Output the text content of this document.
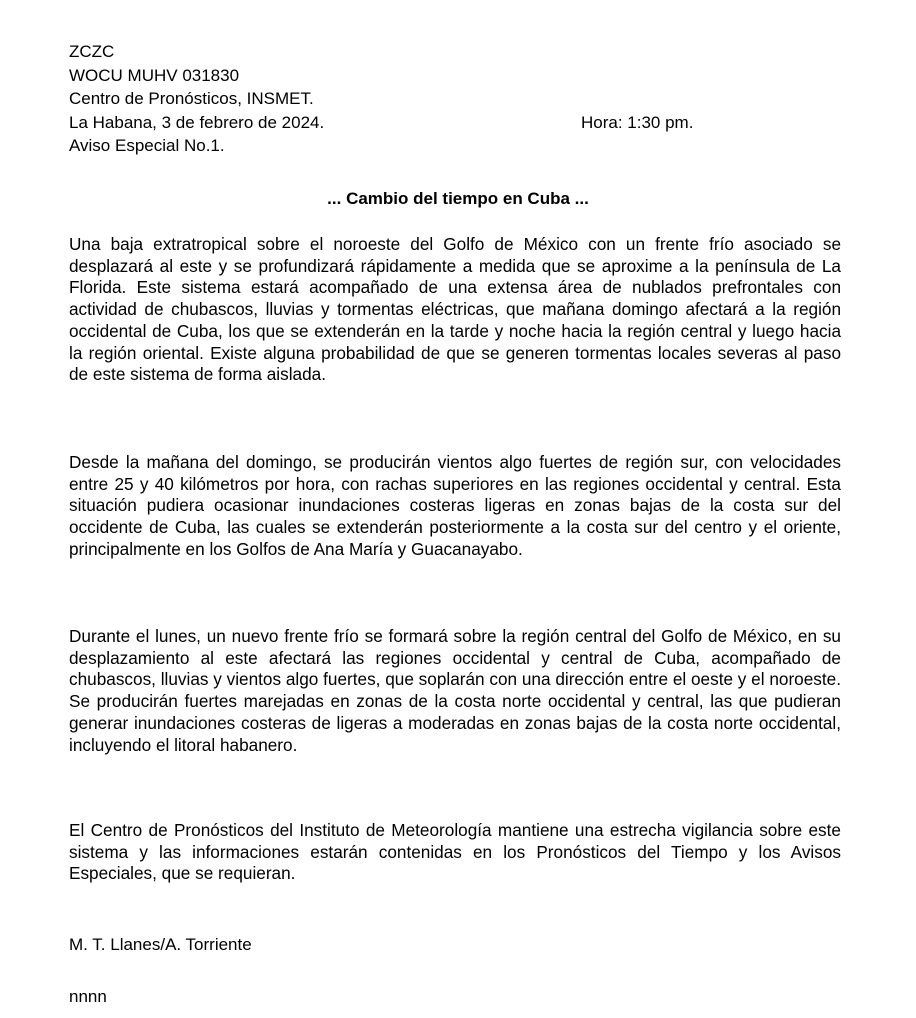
ZCZC
WOCU MUHV 031830
Centro de Pronósticos, INSMET.
La Habana, 3 de febrero de 2024.	Hora: 1:30 pm.
Aviso Especial No.1.
... Cambio del tiempo en Cuba ...

Una baja extratropical sobre el noroeste del Golfo de México con un frente frío asociado se desplazará al este y se profundizará rápidamente a medida que se aproxime a la península de La Florida. Este sistema estará acompañado de una extensa área de nublados prefrontales con actividad de chubascos, lluvias y tormentas eléctricas, que mañana domingo afectará a la región occidental de Cuba, los que se extenderán en la tarde y noche hacia la región central y luego hacia la región oriental. Existe alguna probabilidad de que se generen tormentas locales severas al paso de este sistema de forma aislada.

Desde la mañana del domingo, se producirán vientos algo fuertes de región sur, con velocidades entre 25 y 40 kilómetros por hora, con rachas superiores en las regiones occidental y central. Esta situación pudiera ocasionar inundaciones costeras ligeras en zonas bajas de la costa sur del occidente de Cuba, las cuales se extenderán posteriormente a la costa sur del centro y el oriente, principalmente en los Golfos de Ana María y Guacanayabo.

Durante el lunes, un nuevo frente frío se formará sobre la región central del Golfo de México, en su desplazamiento al este afectará las regiones occidental y central de Cuba, acompañado de chubascos, lluvias y vientos algo fuertes, que soplarán con una dirección entre el oeste y el noroeste. Se producirán fuertes marejadas en zonas de la costa norte occidental y central, las que pudieran generar inundaciones costeras de ligeras a moderadas en zonas bajas de la costa norte occidental, incluyendo el litoral habanero.

El Centro de Pronósticos del Instituto de Meteorología mantiene una estrecha vigilancia sobre este sistema y las informaciones estarán contenidas en los Pronósticos del Tiempo y los Avisos Especiales, que se requieran.

M. T. Llanes/A. Torriente
nnnn
